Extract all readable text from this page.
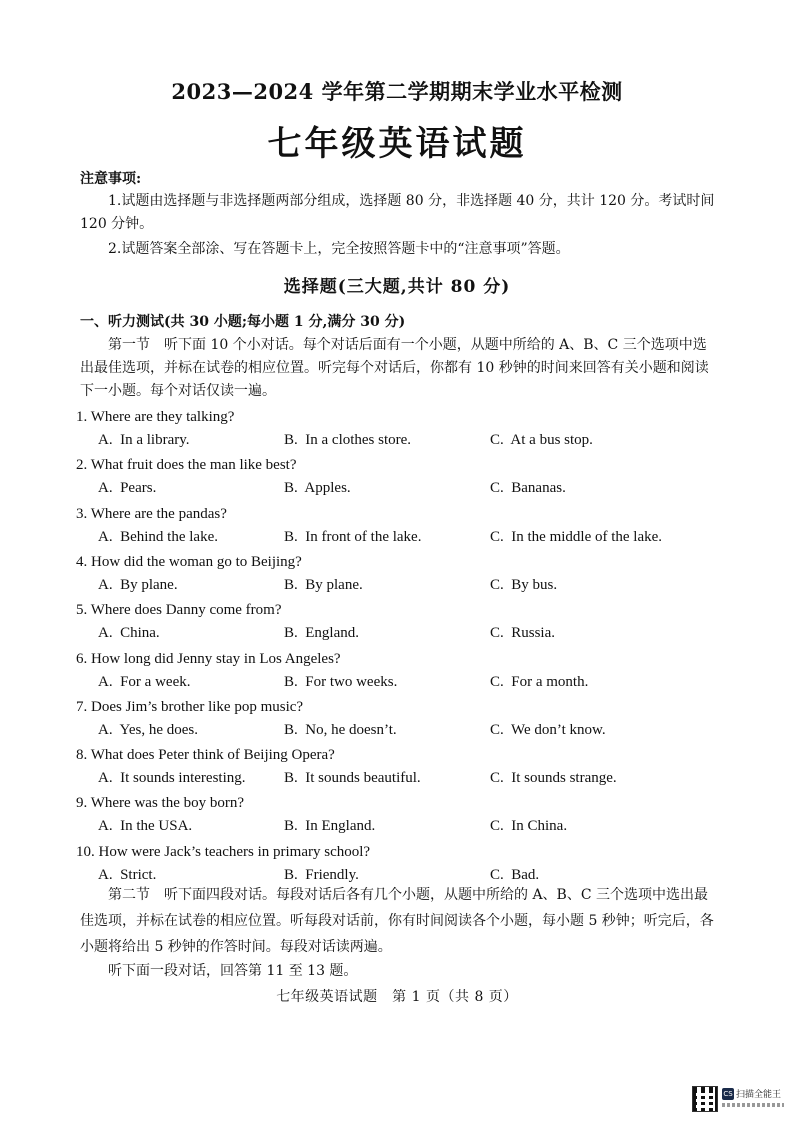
2023—2024 学年第二学期期末学业水平检测
七年级英语试题
注意事项:
1.试题由选择题与非选择题两部分组成，选择题 80 分，非选择题 40 分，共计 120 分。考试时间 120 分钟。
2.试题答案全部涂、写在答题卡上，完全按照答题卡中的“注意事项”答题。
选择题(三大题,共计 80 分)
一、听力测试(共 30 小题;每小题 1 分,满分 30 分)
第一节　听下面 10 个小对话。每个对话后面有一个小题，从题中所给的 A、B、C 三个选项中选出最佳选项，并标在试卷的相应位置。听完每个对话后，你都有 10 秒钟的时间来回答有关小题和阅读下一小题。每个对话仅读一遍。
1. Where are they talking?
A.  In a library.	B.  In a clothes store.	C.  At a bus stop.
2. What fruit does the man like best?
A.  Pears.	B.  Apples.	C.  Bananas.
3. Where are the pandas?
A.  Behind the lake.	B.  In front of the lake.	C.  In the middle of the lake.
4. How did the woman go to Beijing?
A.  By plane.	B.  By plane.	C.  By bus.
5. Where does Danny come from?
A.  China.	B.  England.	C.  Russia.
6. How long did Jenny stay in Los Angeles?
A.  For a week.	B.  For two weeks.	C.  For a month.
7. Does Jim’s brother like pop music?
A.  Yes, he does.	B.  No, he doesn’t.	C.  We don’t know.
8. What does Peter think of Beijing Opera?
A.  It sounds interesting.	B.  It sounds beautiful.	C.  It sounds strange.
9. Where was the boy born?
A.  In the USA.	B.  In England.	C.  In China.
10. How were Jack’s teachers in primary school?
A.  Strict.	B.  Friendly.	C.  Bad.
第二节　听下面四段对话。每段对话后各有几个小题，从题中所给的 A、B、C 三个选项中选出最佳选项，并标在试卷的相应位置。听每段对话前，你有时间阅读各个小题，每小题 5 秒钟；听完后，各小题将给出 5 秒钟的作答时间。每段对话读两遍。
听下面一段对话，回答第 11 至 13 题。
七年级英语试题　第 1 页（共 8 页）
CS 扫描全能王
